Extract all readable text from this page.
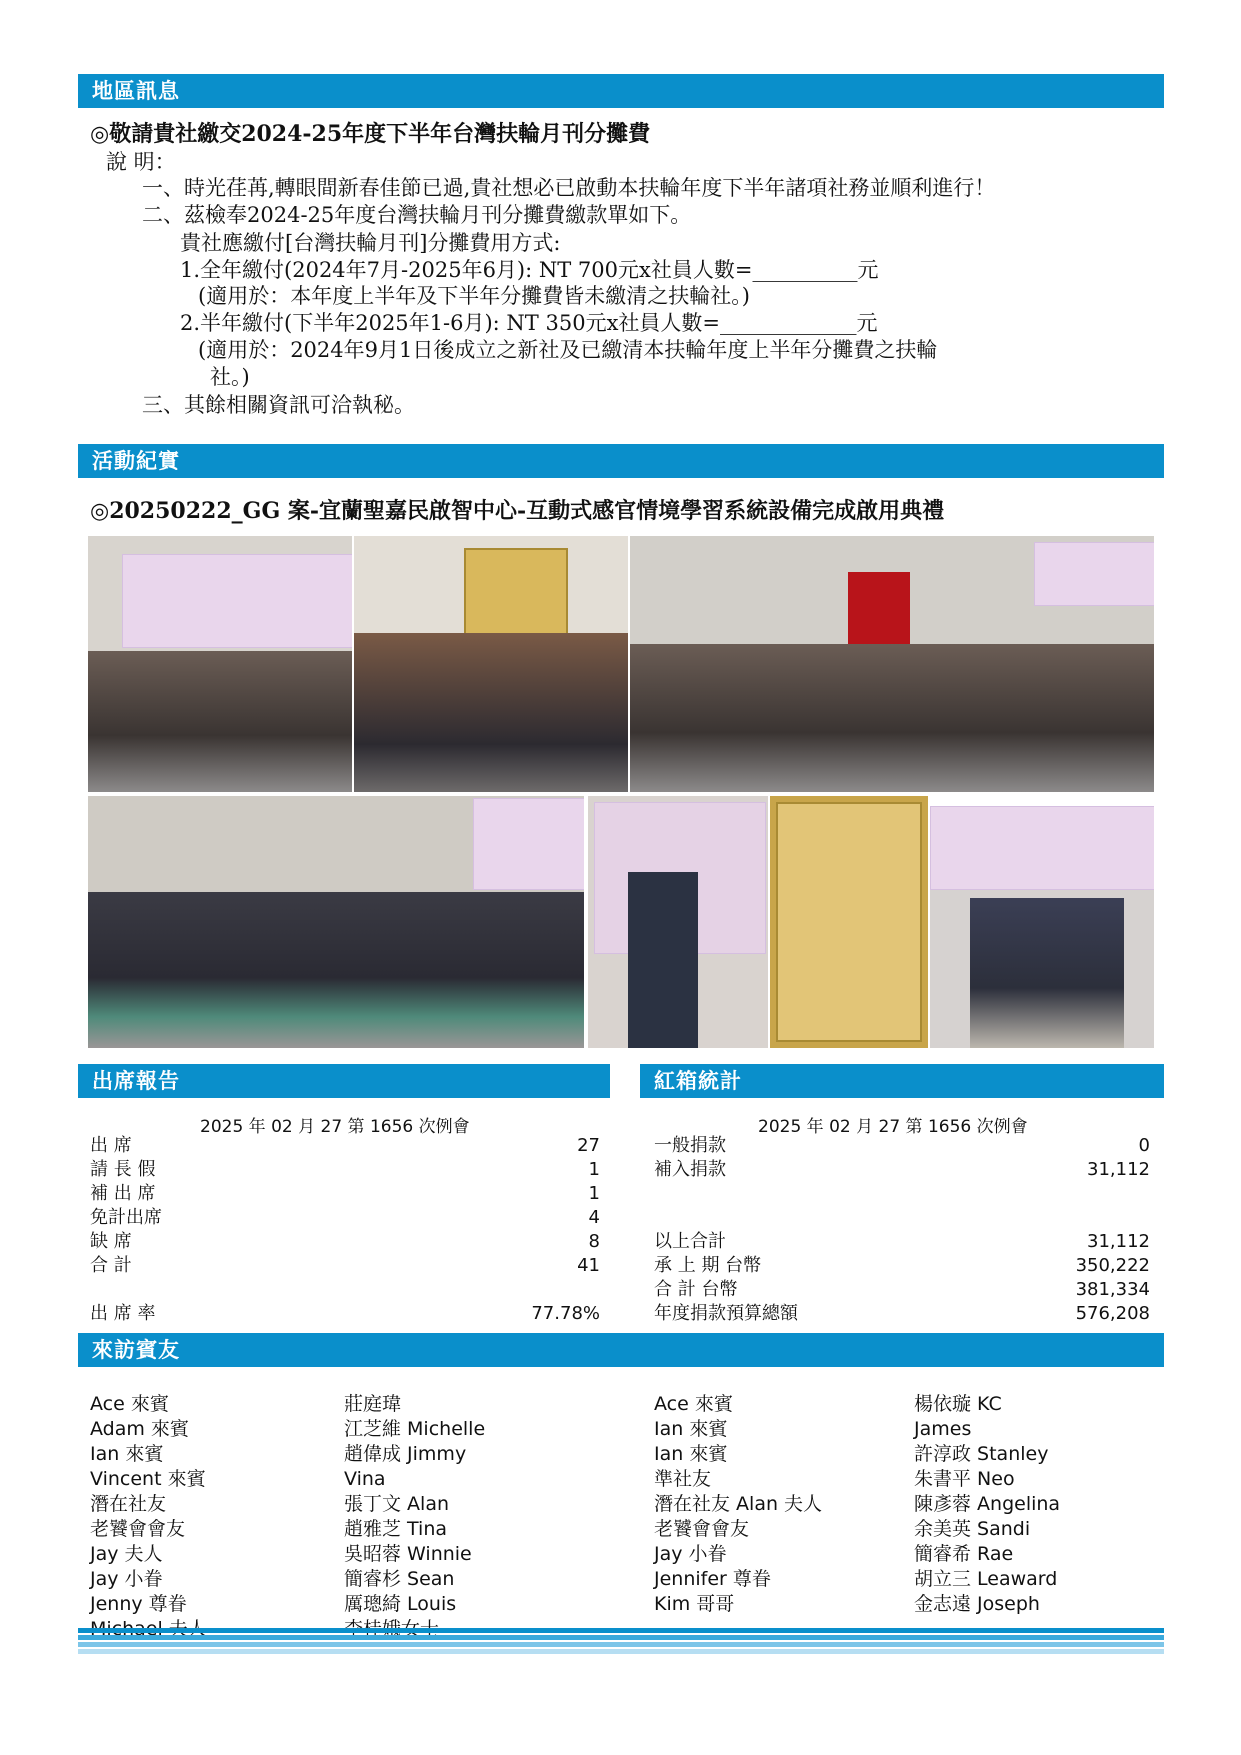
地區訊息
◎敬請貴社繳交2024-25年度下半年台灣扶輪月刊分攤費
說 明：
一、時光荏苒,轉眼間新春佳節已過,貴社想必已啟動本扶輪年度下半年諸項社務並順利進行！
二、茲檢奉2024-25年度台灣扶輪月刊分攤費繳款單如下。
貴社應繳付[台灣扶輪月刊]分攤費用方式:
1.全年繳付(2024年7月-2025年6月): NT 700元x社員人數=__________元
(適用於：本年度上半年及下半年分攤費皆未繳清之扶輪社。)
2.半年繳付(下半年2025年1-6月): NT 350元x社員人數=_____________元
(適用於：2024年9月1日後成立之新社及已繳清本扶輪年度上半年分攤費之扶輪
社。)
三、其餘相關資訊可洽執秘。
活動紀實
◎20250222_GG 案-宜蘭聖嘉民啟智中心-互動式感官情境學習系統設備完成啟用典禮
出席報告
2025 年 02 月 27 第 1656 次例會
出 席	27
請 長 假	1
補 出 席	1
免計出席	4
缺 席	8
合 計	41
出 席 率	77.78%
紅箱統計
2025 年 02 月 27 第 1656 次例會
一般捐款	0
補入捐款	31,112
以上合計	31,112
承 上 期 台幣	350,222
合 計 台幣	381,334
年度捐款預算總額	576,208
來訪賓友
Ace 來賓
Adam 來賓
Ian 來賓
Vincent 來賓
潛在社友
老饕會會友
Jay 夫人
Jay 小眷
Jenny 尊眷
莊庭瑋
江芝維 Michelle
趙偉成 Jimmy
Vina
張丁文 Alan
趙雅芝 Tina
吳昭蓉 Winnie
簡睿杉 Sean
厲璁綺 Louis
Ace 來賓
Ian 來賓
Ian 來賓
準社友
潛在社友 Alan 夫人
老饕會會友
Jay 小眷
Jennifer 尊眷
Kim 哥哥
楊依璇 KC
James
許淳政 Stanley
朱書平 Neo
陳彥蓉 Angelina
余美英 Sandi
簡睿希 Rae
胡立三 Leaward
金志遠 Joseph
